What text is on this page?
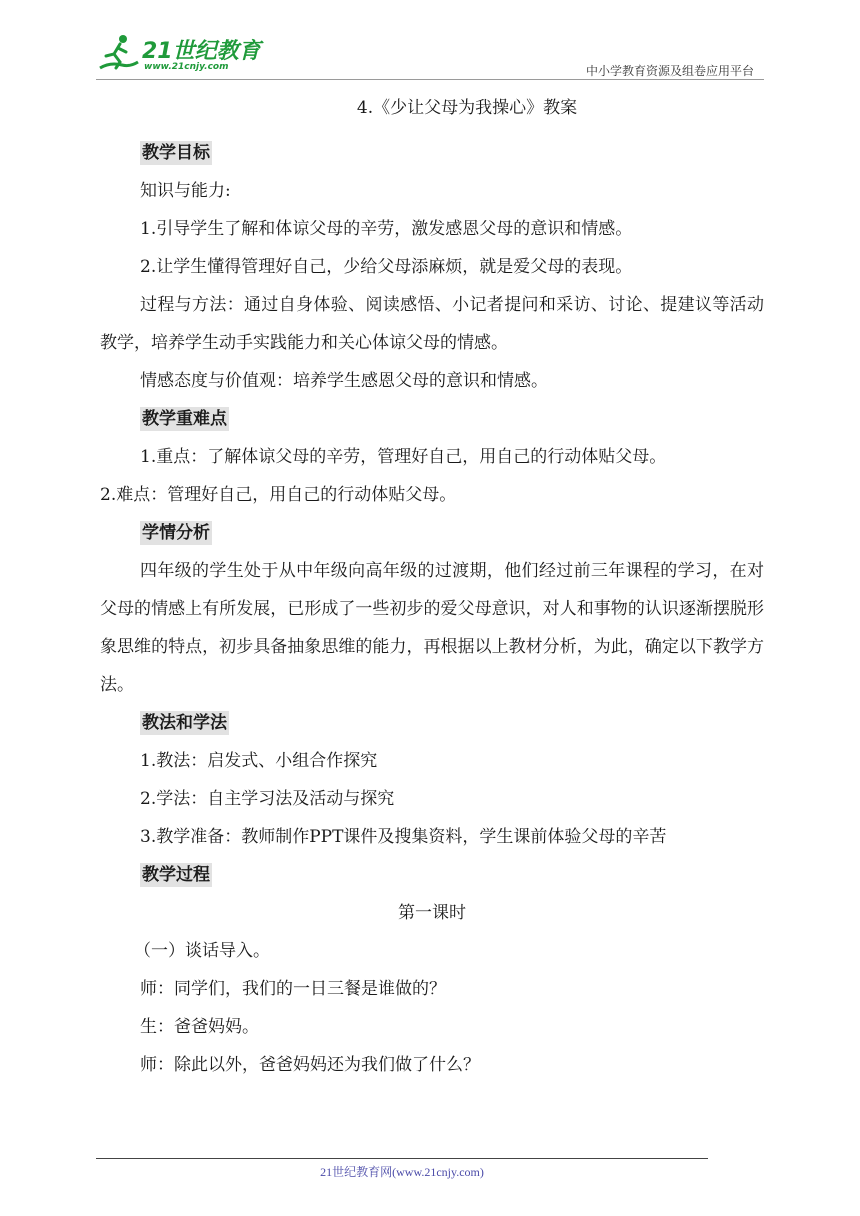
21世纪教育
www.21cnjy.com	中小学教育资源及组卷应用平台
4.《少让父母为我操心》教案
教学目标
知识与能力:
1.引导学生了解和体谅父母的辛劳，激发感恩父母的意识和情感。
2.让学生懂得管理好自己，少给父母添麻烦，就是爱父母的表现。
过程与方法：通过自身体验、阅读感悟、小记者提问和采访、讨论、提建议等活动教学，培养学生动手实践能力和关心体谅父母的情感。
情感态度与价值观：培养学生感恩父母的意识和情感。
教学重难点
1.重点：了解体谅父母的辛劳，管理好自己，用自己的行动体贴父母。
2.难点：管理好自己，用自己的行动体贴父母。
学情分析
四年级的学生处于从中年级向高年级的过渡期，他们经过前三年课程的学习，在对父母的情感上有所发展，已形成了一些初步的爱父母意识，对人和事物的认识逐渐摆脱形象思维的特点，初步具备抽象思维的能力，再根据以上教材分析，为此，确定以下教学方法。
教法和学法
1.教法：启发式、小组合作探究
2.学法：自主学习法及活动与探究
3.教学准备：教师制作PPT课件及搜集资料，学生课前体验父母的辛苦
教学过程
第一课时
（一）谈话导入。
师：同学们，我们的一日三餐是谁做的？
生：爸爸妈妈。
师：除此以外，爸爸妈妈还为我们做了什么？
21世纪教育网(www.21cnjy.com)
